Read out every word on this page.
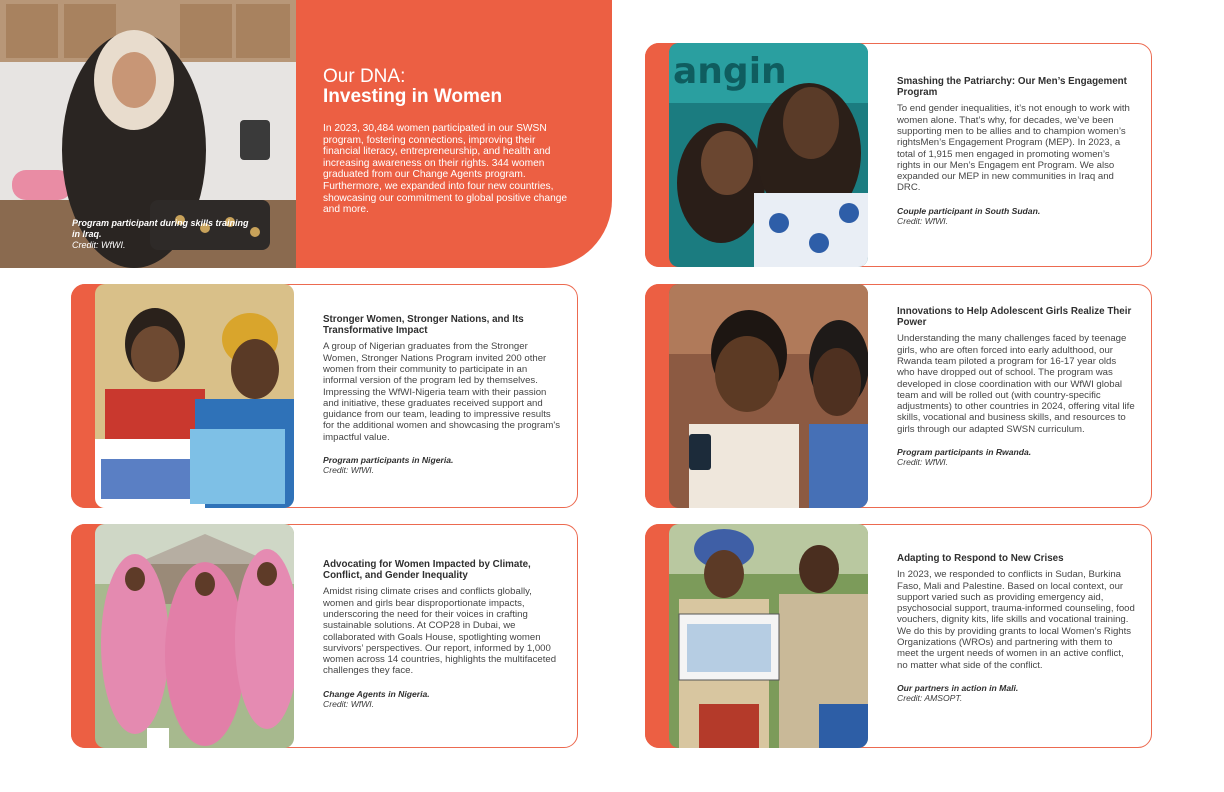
Program participant during skills training in Iraq.
Credit: WfWI.
Our DNA:
Investing in Women
In 2023, 30,484 women participated in our SWSN program, fostering connections, improving their financial literacy, entrepreneurship, and health and increasing awareness on their rights. 344 women graduated from our Change Agents program. Furthermore, we expanded into four new countries, showcasing our commitment to global positive change and more.
angin	Smashing the Patriarchy: Our Men’s Engagement Program
To end gender inequalities, it’s not enough to work with women alone. That’s why, for decades, we’ve been supporting men to be allies and to champion women’s rightsMen’s Engagement Program (MEP). In 2023, a total of 1,915 men engaged in promoting women’s rights in our Men’s Engagem ent Program. We also expanded our MEP in new communities in Iraq and DRC.
Couple participant in South Sudan.
Credit: WfWI.
Stronger Women, Stronger Nations, and Its Transformative Impact
A group of Nigerian graduates from the Stronger Women, Stronger Nations Program invited 200 other women from their community to participate in an informal version of the program led by themselves. Impressing the WfWI-Nigeria team with their passion and initiative, these graduates received support and guidance from our team, leading to impressive results for the additional women and showcasing the program's impactful value.
Program participants in Nigeria.
Credit: WfWI.
Innovations to Help Adolescent Girls Realize Their Power
Understanding the many challenges faced by teenage girls, who are often forced into early adulthood, our Rwanda team piloted a program for 16-17 year olds who have dropped out of school. The program was developed in close coordination with our WfWI global team and will be rolled out (with country-specific adjustments) to other countries in 2024, offering vital life skills, vocational and business skills, and resources to girls through our adapted SWSN curriculum.
Program participants in Rwanda.
Credit: WfWI.
Advocating for Women Impacted by Climate, Conflict, and Gender Inequality
Amidst rising climate crises and conflicts globally, women and girls bear disproportionate impacts, underscoring the need for their voices in crafting sustainable solutions. At COP28 in Dubai, we collaborated with Goals House, spotlighting women survivors’ perspectives. Our report, informed by 1,000 women across 14 countries, highlights the multifaceted challenges they face.
Change Agents in Nigeria.
Credit: WfWI.
Adapting to Respond to New Crises
In 2023, we responded to conflicts in Sudan, Burkina Faso, Mali and Palestine. Based on local context, our support varied such as providing emergency aid, psychosocial support, trauma-informed counseling, food vouchers, dignity kits, life skills and vocational training. We do this by providing grants to local Women’s Rights Organizations (WROs) and partnering with them to meet the urgent needs of women in an active conflict, no matter what side of the conflict.
Our partners in action in Mali.
Credit: AMSOPT.
